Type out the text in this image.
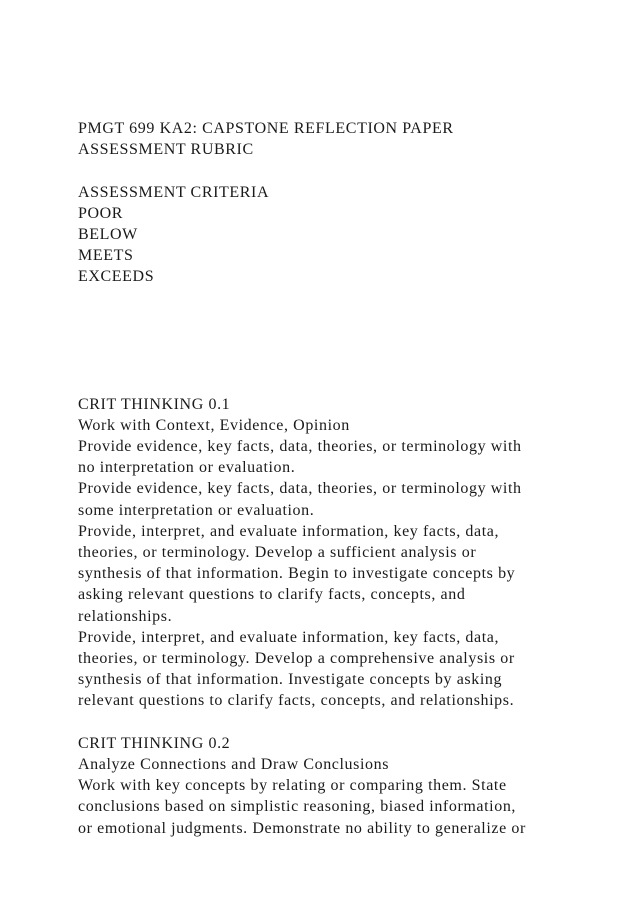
PMGT 699 KA2: CAPSTONE REFLECTION PAPER
ASSESSMENT RUBRIC
ASSESSMENT CRITERIA
POOR
BELOW
MEETS
EXCEEDS
CRIT THINKING 0.1
Work with Context, Evidence, Opinion
Provide evidence, key facts, data, theories, or terminology with
no interpretation or evaluation.
Provide evidence, key facts, data, theories, or terminology with
some interpretation or evaluation.
Provide, interpret, and evaluate information, key facts, data,
theories, or terminology. Develop a sufficient analysis or
synthesis of that information. Begin to investigate concepts by
asking relevant questions to clarify facts, concepts, and
relationships.
Provide, interpret, and evaluate information, key facts, data,
theories, or terminology. Develop a comprehensive analysis or
synthesis of that information. Investigate concepts by asking
relevant questions to clarify facts, concepts, and relationships.
CRIT THINKING 0.2
Analyze Connections and Draw Conclusions
Work with key concepts by relating or comparing them. State
conclusions based on simplistic reasoning, biased information,
or emotional judgments. Demonstrate no ability to generalize or
